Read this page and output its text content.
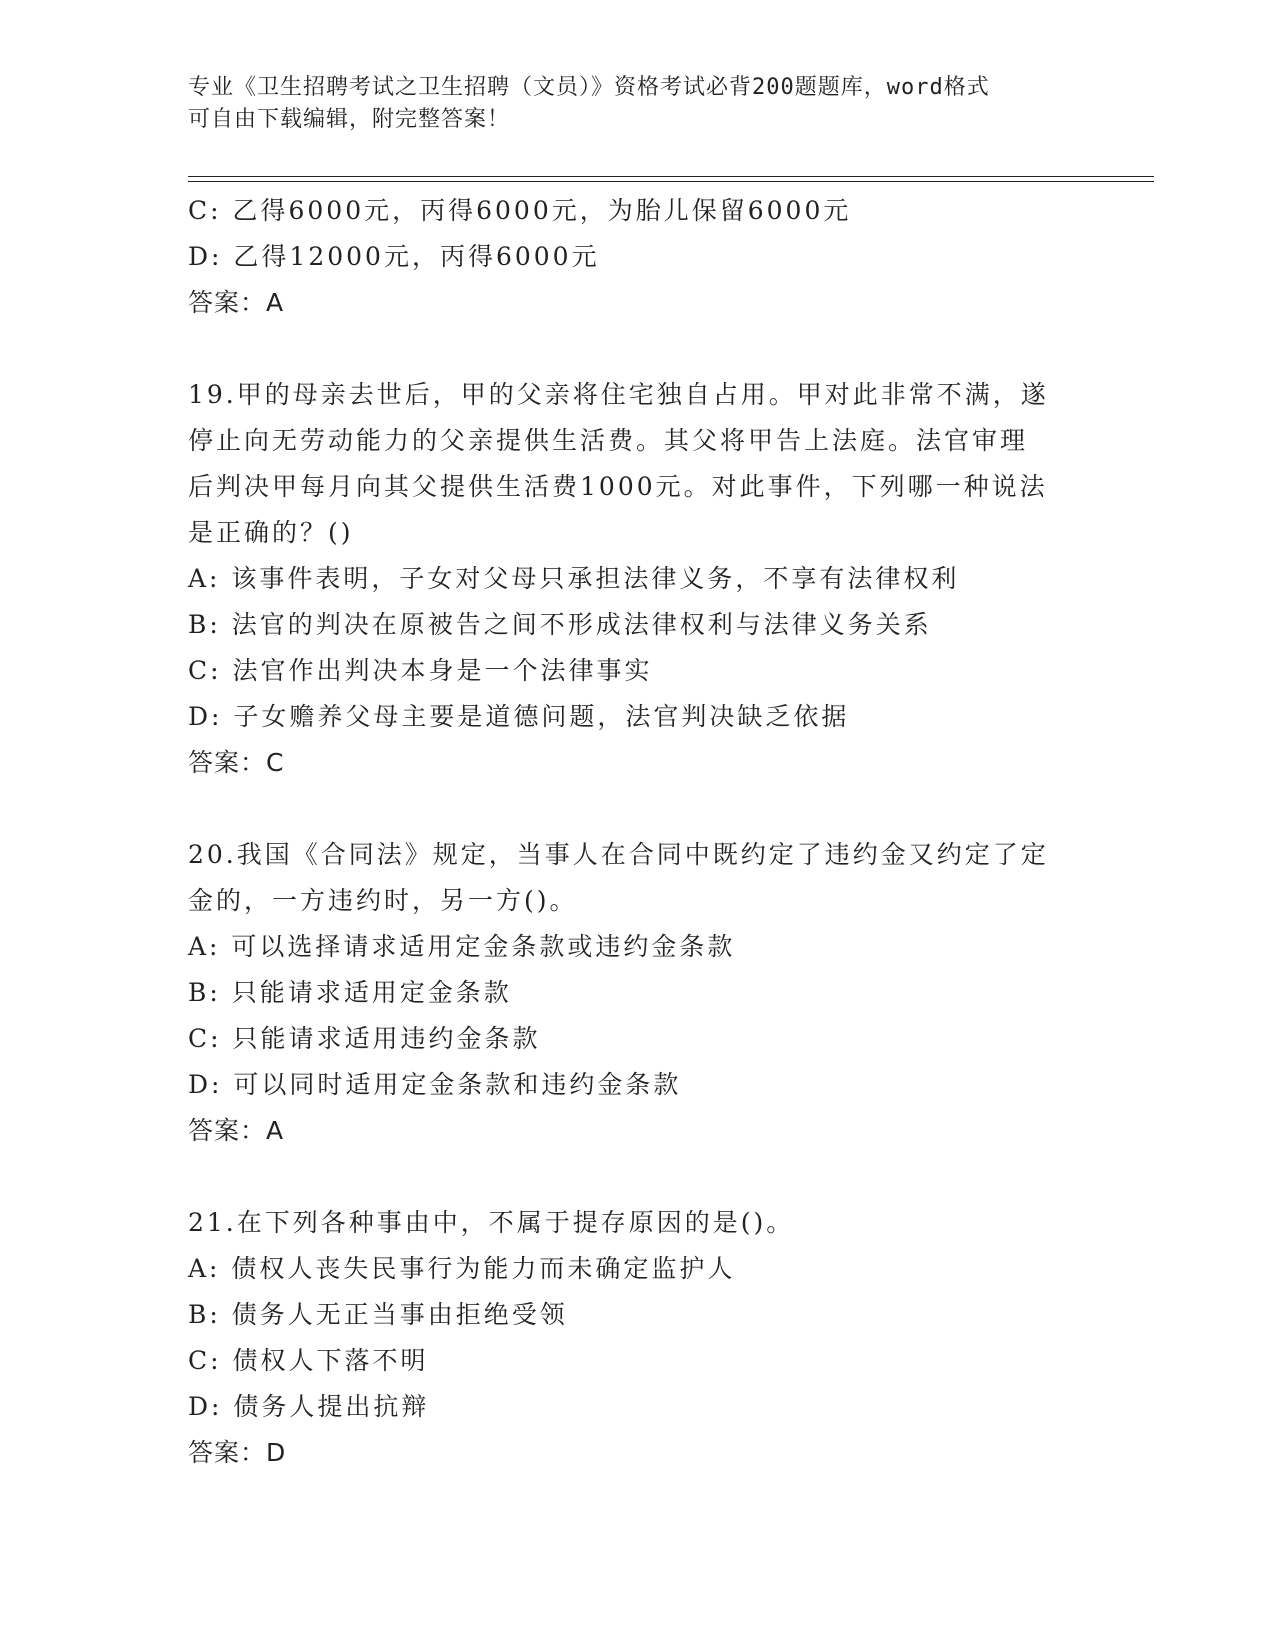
专业《卫生招聘考试之卫生招聘（文员）》资格考试必背200题题库，word格式
可自由下载编辑，附完整答案！
C: 乙得6000元，丙得6000元，为胎儿保留6000元
D: 乙得12000元，丙得6000元
答案：A
19.甲的母亲去世后，甲的父亲将住宅独自占用。甲对此非常不满，遂
停止向无劳动能力的父亲提供生活费。其父将甲告上法庭。法官审理
后判决甲每月向其父提供生活费1000元。对此事件，下列哪一种说法
是正确的？()
A: 该事件表明，子女对父母只承担法律义务，不享有法律权利
B: 法官的判决在原被告之间不形成法律权利与法律义务关系
C: 法官作出判决本身是一个法律事实
D: 子女赡养父母主要是道德问题，法官判决缺乏依据
答案：C
20.我国《合同法》规定，当事人在合同中既约定了违约金又约定了定
金的，一方违约时，另一方()。
A: 可以选择请求适用定金条款或违约金条款
B: 只能请求适用定金条款
C: 只能请求适用违约金条款
D: 可以同时适用定金条款和违约金条款
答案：A
21.在下列各种事由中，不属于提存原因的是()。
A: 债权人丧失民事行为能力而未确定监护人
B: 债务人无正当事由拒绝受领
C: 债权人下落不明
D: 债务人提出抗辩
答案：D
